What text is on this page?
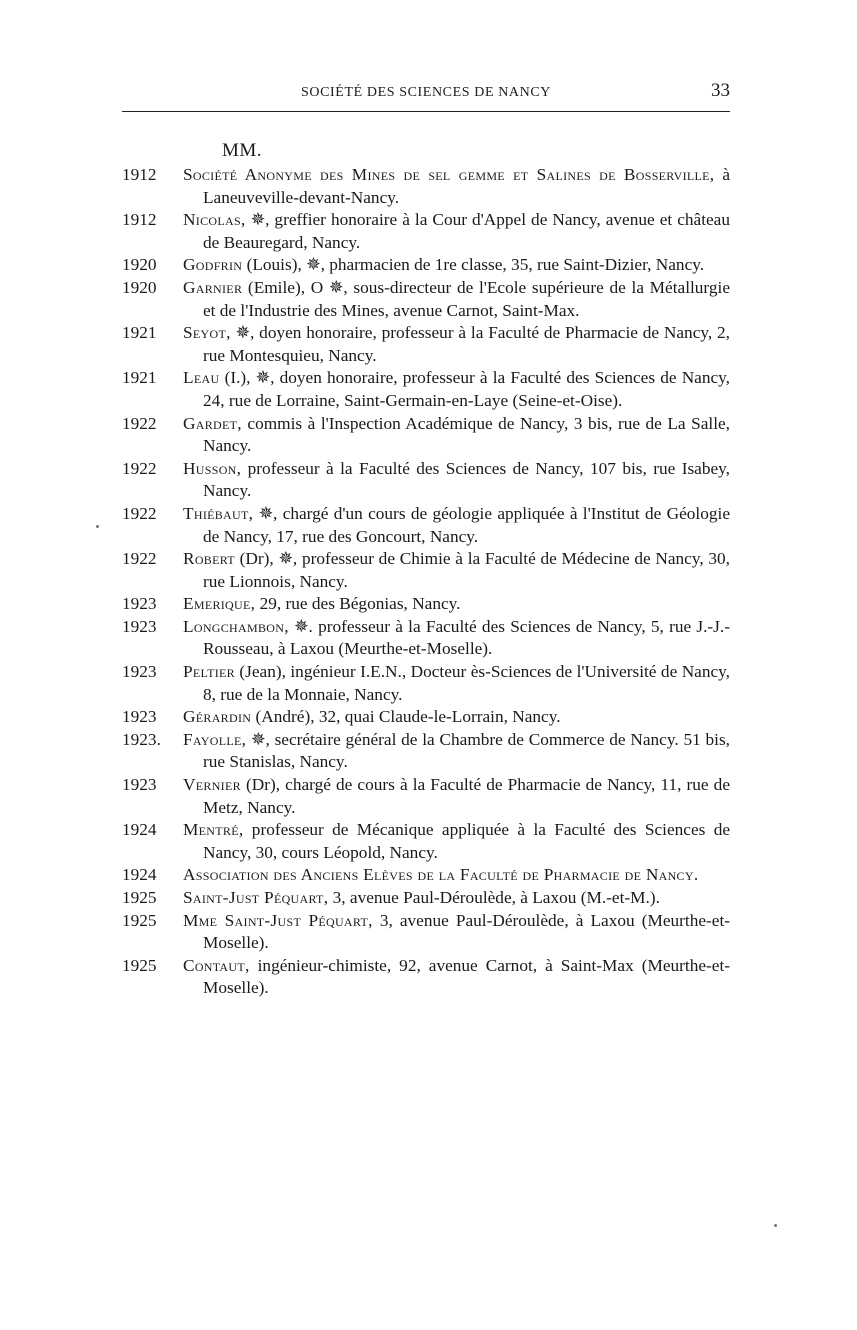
SOCIÉTÉ DES SCIENCES DE NANCY	33
MM.
1912	Société Anonyme des Mines de sel gemme et Salines de Bosserville, à Laneuveville-devant-Nancy.
1912	Nicolas, ✵, greffier honoraire à la Cour d'Appel de Nancy, avenue et château de Beauregard, Nancy.
1920	Godfrin (Louis), ✵, pharmacien de 1re classe, 35, rue Saint-Dizier, Nancy.
1920	Garnier (Emile), O ✵, sous-directeur de l'Ecole supérieure de la Métallurgie et de l'Industrie des Mines, avenue Carnot, Saint-Max.
1921	Seyot, ✵, doyen honoraire, professeur à la Faculté de Pharmacie de Nancy, 2, rue Montesquieu, Nancy.
1921	Leau (I.), ✵, doyen honoraire, professeur à la Faculté des Sciences de Nancy, 24, rue de Lorraine, Saint-Germain-en-Laye (Seine-et-Oise).
1922	Gardet, commis à l'Inspection Académique de Nancy, 3 bis, rue de La Salle, Nancy.
1922	Husson, professeur à la Faculté des Sciences de Nancy, 107 bis, rue Isabey, Nancy.
1922	Thiébaut, ✵, chargé d'un cours de géologie appliquée à l'Institut de Géologie de Nancy, 17, rue des Goncourt, Nancy.
1922	Robert (Dr), ✵, professeur de Chimie à la Faculté de Médecine de Nancy, 30, rue Lionnois, Nancy.
1923	Emerique, 29, rue des Bégonias, Nancy.
1923	Longchambon, ✵. professeur à la Faculté des Sciences de Nancy, 5, rue J.-J.-Rousseau, à Laxou (Meurthe-et-Moselle).
1923	Peltier (Jean), ingénieur I.E.N., Docteur ès-Sciences de l'Université de Nancy, 8, rue de la Monnaie, Nancy.
1923	Gérardin (André), 32, quai Claude-le-Lorrain, Nancy.
1923.	Fayolle, ✵, secrétaire général de la Chambre de Commerce de Nancy. 51 bis, rue Stanislas, Nancy.
1923	Vernier (Dr), chargé de cours à la Faculté de Pharmacie de Nancy, 11, rue de Metz, Nancy.
1924	Mentré, professeur de Mécanique appliquée à la Faculté des Sciences de Nancy, 30, cours Léopold, Nancy.
1924	Association des Anciens Elèves de la Faculté de Pharmacie de Nancy.
1925	Saint-Just Péquart, 3, avenue Paul-Déroulède, à Laxou (M.-et-M.).
1925	Mme Saint-Just Péquart, 3, avenue Paul-Déroulède, à Laxou (Meurthe-et-Moselle).
1925	Contaut, ingénieur-chimiste, 92, avenue Carnot, à Saint-Max (Meurthe-et-Moselle).
